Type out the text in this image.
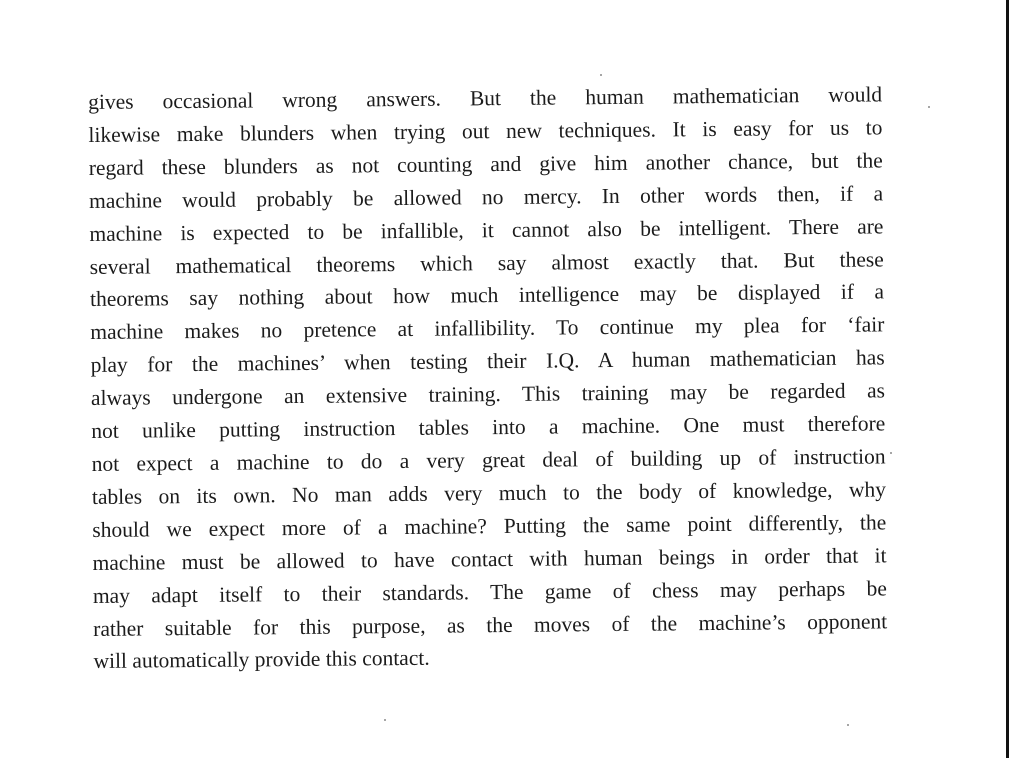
gives occasional wrong answers. But the human mathematician would
likewise make blunders when trying out new techniques. It is easy for us to
regard these blunders as not counting and give him another chance, but the
machine would probably be allowed no mercy. In other words then, if a
machine is expected to be infallible, it cannot also be intelligent. There are
several mathematical theorems which say almost exactly that. But these
theorems say nothing about how much intelligence may be displayed if a
machine makes no pretence at infallibility. To continue my plea for ‘fair
play for the machines’ when testing their I.Q. A human mathematician has
always undergone an extensive training. This training may be regarded as
not unlike putting instruction tables into a machine. One must therefore
not expect a machine to do a very great deal of building up of instruction
tables on its own. No man adds very much to the body of knowledge, why
should we expect more of a machine? Putting the same point differently, the
machine must be allowed to have contact with human beings in order that it
may adapt itself to their standards. The game of chess may perhaps be
rather suitable for this purpose, as the moves of the machine’s opponent
will automatically provide this contact.
